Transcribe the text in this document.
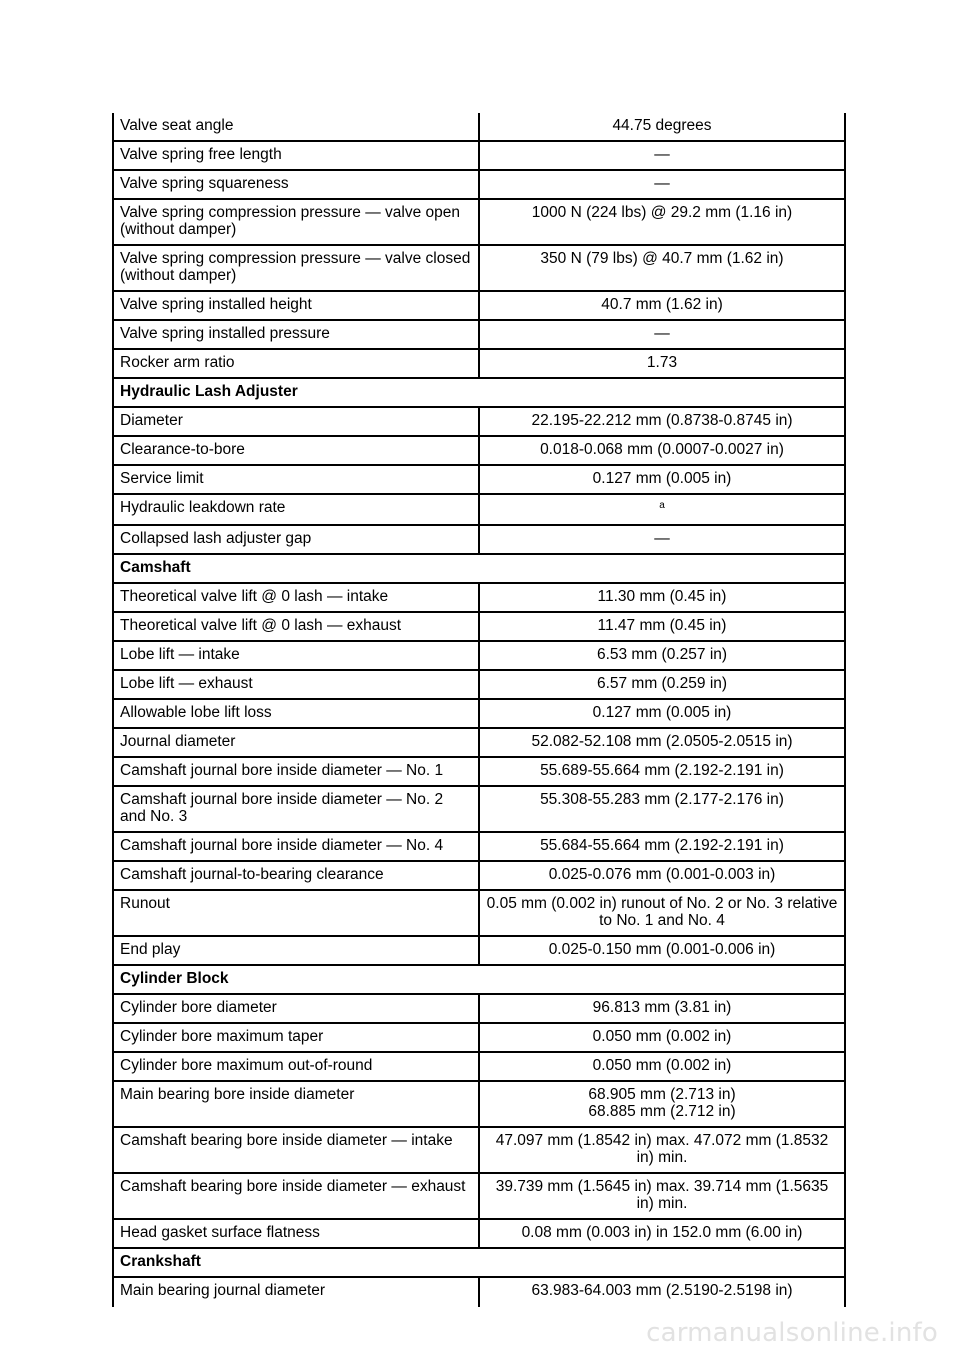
Valve seat angle	44.75 degrees
Valve spring free length	—
Valve spring squareness	—
Valve spring compression pressure — valve open (without damper)	1000 N (224 lbs) @ 29.2 mm (1.16 in)
Valve spring compression pressure — valve closed (without damper)	350 N (79 lbs) @ 40.7 mm (1.62 in)
Valve spring installed height	40.7 mm (1.62 in)
Valve spring installed pressure	—
Rocker arm ratio	1.73
Hydraulic Lash Adjuster	
Diameter	22.195-22.212 mm (0.8738-0.8745 in)
Clearance-to-bore	0.018-0.068 mm (0.0007-0.0027 in)
Service limit	0.127 mm (0.005 in)
Hydraulic leakdown rate	$^a$
Collapsed lash adjuster gap	—
Camshaft	
Theoretical valve lift @ 0 lash — intake	11.30 mm (0.45 in)
Theoretical valve lift @ 0 lash — exhaust	11.47 mm (0.45 in)
Lobe lift — intake	6.53 mm (0.257 in)
Lobe lift — exhaust	6.57 mm (0.259 in)
Allowable lobe lift loss	0.127 mm (0.005 in)
Journal diameter	52.082-52.108 mm (2.0505-2.0515 in)
Camshaft journal bore inside diameter — No. 1	55.689-55.664 mm (2.192-2.191 in)
Camshaft journal bore inside diameter — No. 2 and No. 3	55.308-55.283 mm (2.177-2.176 in)
Camshaft journal bore inside diameter — No. 4	55.684-55.664 mm (2.192-2.191 in)
Camshaft journal-to-bearing clearance	0.025-0.076 mm (0.001-0.003 in)
Runout	0.05 mm (0.002 in) runout of No. 2 or No. 3 relative to No. 1 and No. 4
End play	0.025-0.150 mm (0.001-0.006 in)
Cylinder Block	
Cylinder bore diameter	96.813 mm (3.81 in)
Cylinder bore maximum taper	0.050 mm (0.002 in)
Cylinder bore maximum out-of-round	0.050 mm (0.002 in)
Main bearing bore inside diameter	68.905 mm (2.713 in)
68.885 mm (2.712 in)

Camshaft bearing bore inside diameter — intake	47.097 mm (1.8542 in) max. 47.072 mm (1.8532 in) min.
Camshaft bearing bore inside diameter — exhaust	39.739 mm (1.5645 in) max. 39.714 mm (1.5635 in) min.
Head gasket surface flatness	0.08 mm (0.003 in) in 152.0 mm (6.00 in)
Crankshaft	
Main bearing journal diameter	63.983-64.003 mm (2.5190-2.5198 in)
carmanualsonline.info
